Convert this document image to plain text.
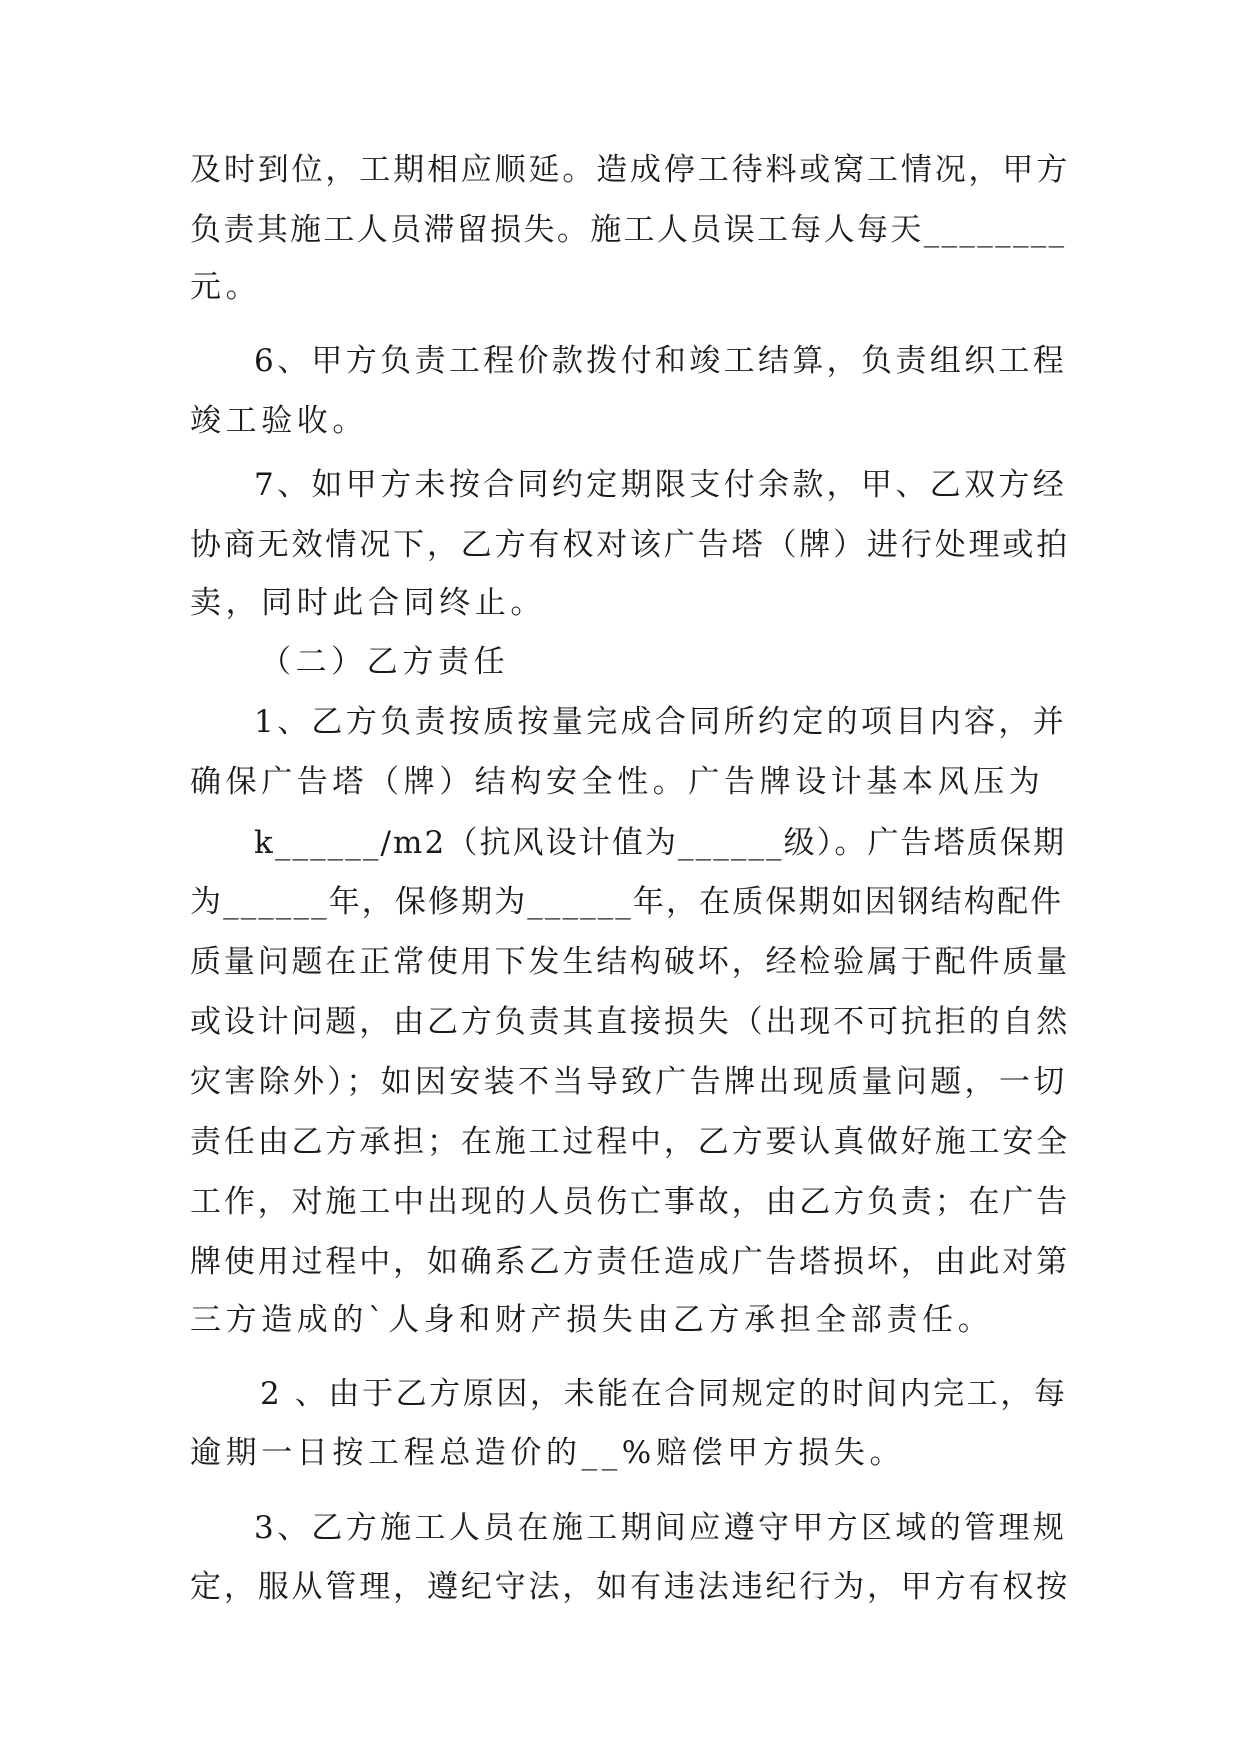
及时到位，工期相应顺延。造成停工待料或窝工情况，甲方
负责其施工人员滞留损失。施工人员误工每人每天________
元。
6、甲方负责工程价款拨付和竣工结算，负责组织工程
竣工验收。
7、如甲方未按合同约定期限支付余款，甲、乙双方经
协商无效情况下，乙方有权对该广告塔（牌）进行处理或拍
卖，同时此合同终止。
（二）乙方责任
1、乙方负责按质按量完成合同所约定的项目内容，并
确保广告塔（牌）结构安全性。广告牌设计基本风压为
k______/m2（抗风设计值为______级）。广告塔质保期
为______年，保修期为______年，在质保期如因钢结构配件
质量问题在正常使用下发生结构破坏，经检验属于配件质量
或设计问题，由乙方负责其直接损失（出现不可抗拒的自然
灾害除外）；如因安装不当导致广告牌出现质量问题，一切
责任由乙方承担；在施工过程中，乙方要认真做好施工安全
工作，对施工中出现的人员伤亡事故，由乙方负责；在广告
牌使用过程中，如确系乙方责任造成广告塔损坏，由此对第
三方造成的`人身和财产损失由乙方承担全部责任。
2 、由于乙方原因，未能在合同规定的时间内完工，每
逾期一日按工程总造价的__%赔偿甲方损失。
3、乙方施工人员在施工期间应遵守甲方区域的管理规
定，服从管理，遵纪守法，如有违法违纪行为，甲方有权按
